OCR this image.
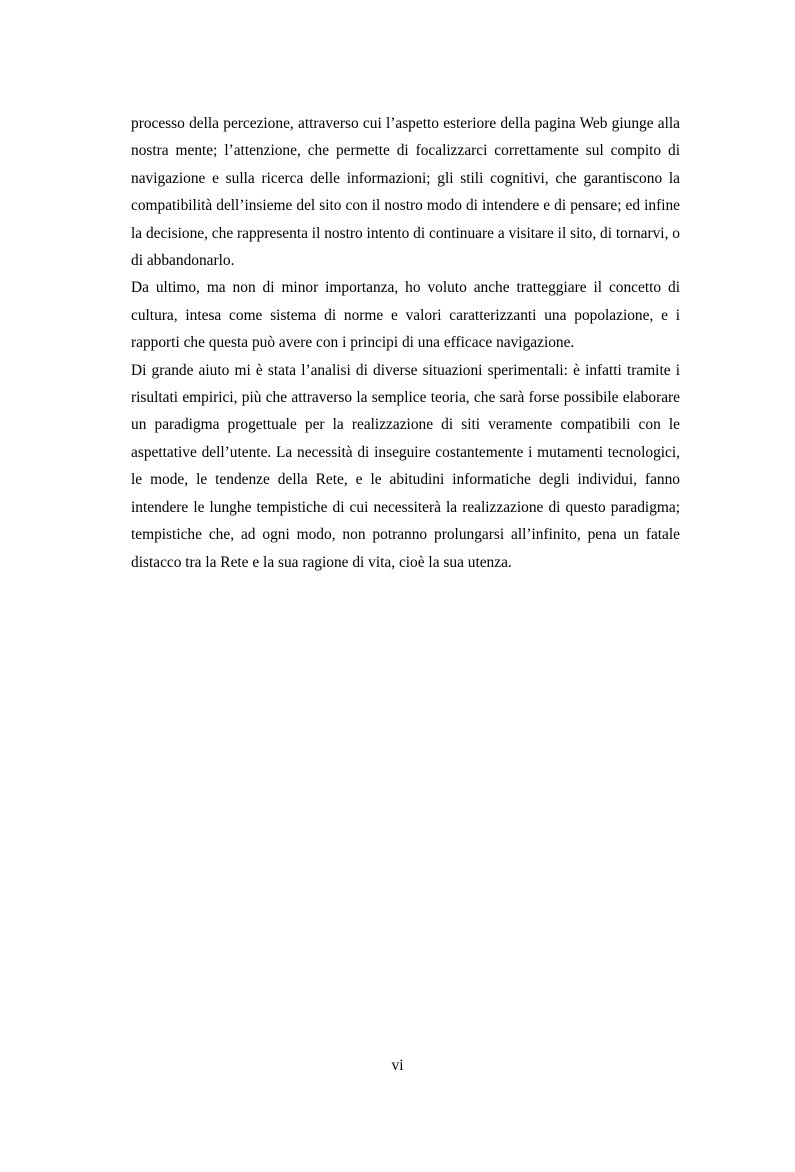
processo della percezione, attraverso cui l’aspetto esteriore della pagina Web giunge alla nostra mente; l’attenzione, che permette di focalizzarci correttamente sul compito di navigazione e sulla ricerca delle informazioni; gli stili cognitivi, che garantiscono la compatibilità dell’insieme del sito con il nostro modo di intendere e di pensare; ed infine la decisione, che rappresenta il nostro intento di continuare a visitare il sito, di tornarvi, o di abbandonarlo.

Da ultimo, ma non di minor importanza, ho voluto anche tratteggiare il concetto di cultura, intesa come sistema di norme e valori caratterizzanti una popolazione, e i rapporti che questa può avere con i principi di una efficace navigazione.

Di grande aiuto mi è stata l’analisi di diverse situazioni sperimentali: è infatti tramite i risultati empirici, più che attraverso la semplice teoria, che sarà forse possibile elaborare un paradigma progettuale per la realizzazione di siti veramente compatibili con le aspettative dell’utente. La necessità di inseguire costantemente i mutamenti tecnologici, le mode, le tendenze della Rete, e le abitudini informatiche degli individui, fanno intendere le lunghe tempistiche di cui necessiterà la realizzazione di questo paradigma; tempistiche che, ad ogni modo, non potranno prolungarsi all’infinito, pena un fatale distacco tra la Rete e la sua ragione di vita, cioè la sua utenza.

vi
